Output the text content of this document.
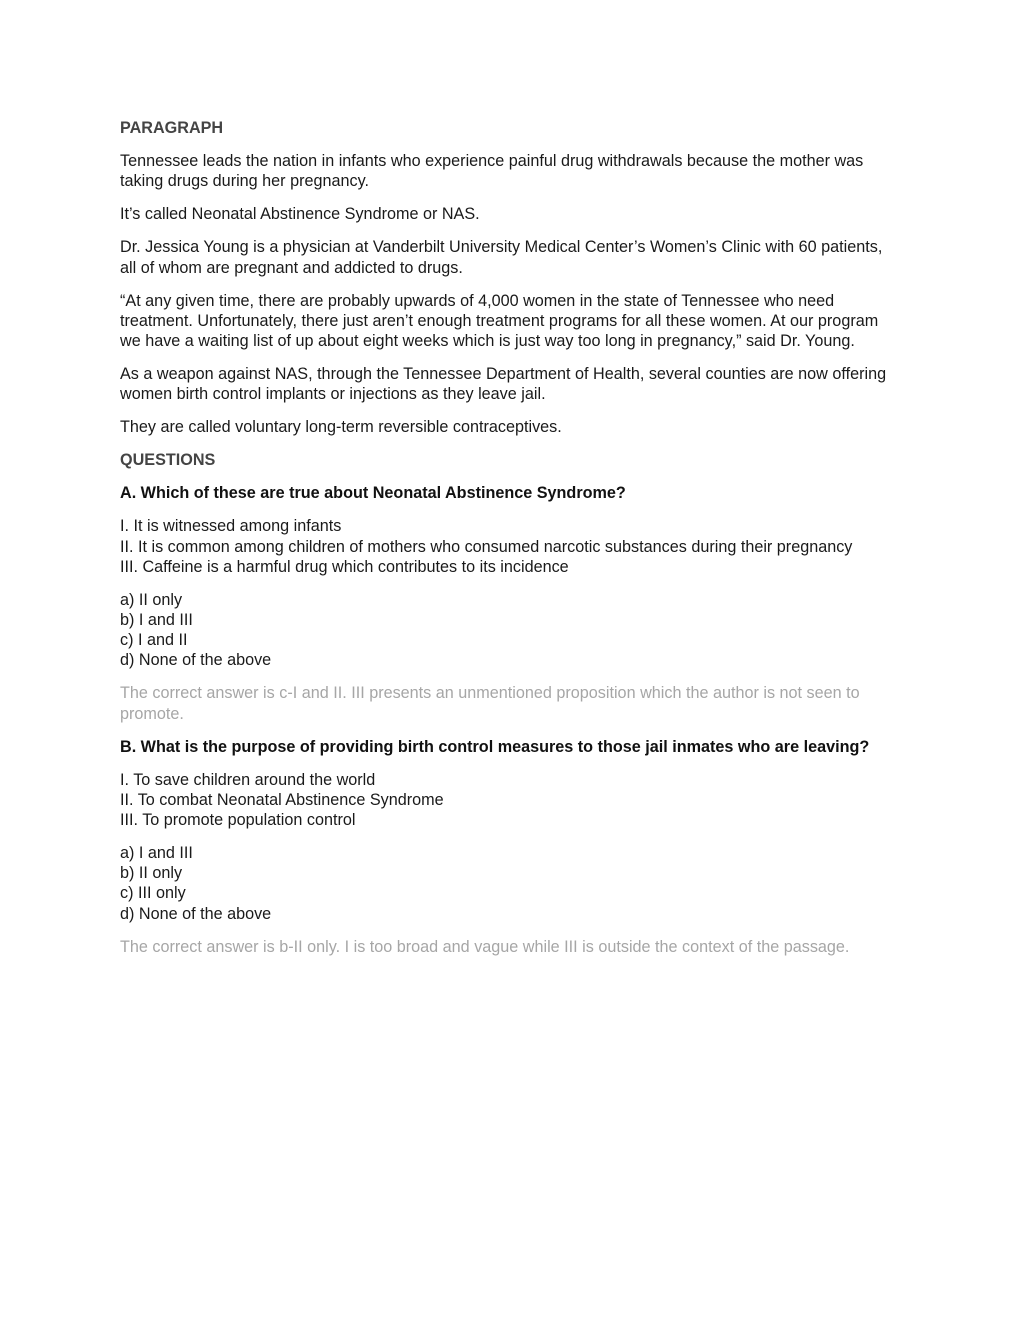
PARAGRAPH
Tennessee leads the nation in infants who experience painful drug withdrawals because the mother was taking drugs during her pregnancy.
It’s called Neonatal Abstinence Syndrome or NAS.
Dr. Jessica Young is a physician at Vanderbilt University Medical Center’s Women’s Clinic with 60 patients, all of whom are pregnant and addicted to drugs.
“At any given time, there are probably upwards of 4,000 women in the state of Tennessee who need treatment. Unfortunately, there just aren’t enough treatment programs for all these women. At our program we have a waiting list of up about eight weeks which is just way too long in pregnancy,” said Dr. Young.
As a weapon against NAS, through the Tennessee Department of Health, several counties are now offering women birth control implants or injections as they leave jail.
They are called voluntary long-term reversible contraceptives.
QUESTIONS
A. Which of these are true about Neonatal Abstinence Syndrome?
I. It is witnessed among infants
II. It is common among children of mothers who consumed narcotic substances during their pregnancy
III. Caffeine is a harmful drug which contributes to its incidence
a) II only
b) I and III
c) I and II
d) None of the above
The correct answer is c-I and II. III presents an unmentioned proposition which the author is not seen to promote.
B. What is the purpose of providing birth control measures to those jail inmates who are leaving?
I. To save children around the world
II. To combat Neonatal Abstinence Syndrome
III. To promote population control
a) I and III
b) II only
c) III only
d) None of the above
The correct answer is b-II only. I is too broad and vague while III is outside the context of the passage.
